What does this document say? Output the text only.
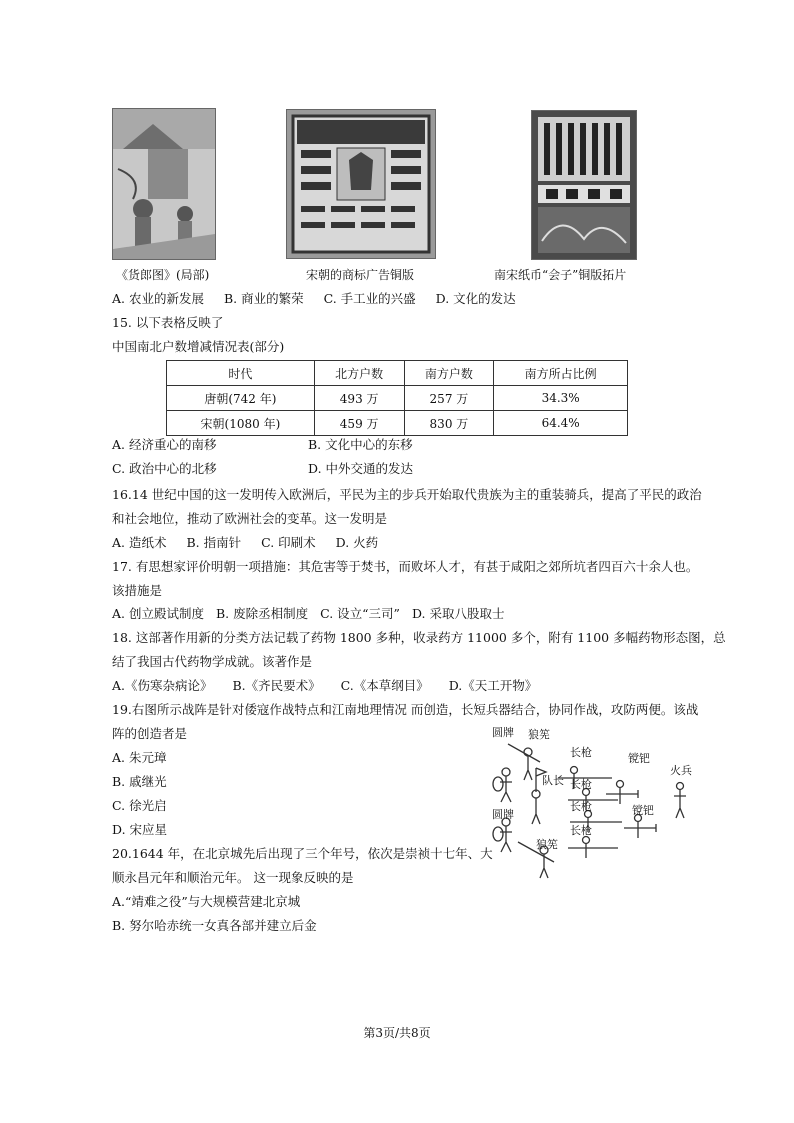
《货郎图》(局部)	宋朝的商标广告铜版	南宋纸币“会子”铜版拓片
A. 农业的新发展 B. 商业的繁荣 C. 手工业的兴盛 D. 文化的发达
15. 以下表格反映了
中国南北户数增减情况表(部分)
时代	北方户数	南方户数	南方所占比例
唐朝(742 年)	493 万	257 万	34.3%
宋朝(1080 年)	459 万	830 万	64.4%
A. 经济重心的南移	B. 文化中心的东移
C. 政治中心的北移	D. 中外交通的发达
16.14 世纪中国的这一发明传入欧洲后，平民为主的步兵开始取代贵族为主的重装骑兵，提高了平民的政治
和社会地位，推动了欧洲社会的变革。这一发明是
A. 造纸术 B. 指南针 C. 印刷术 D. 火药
17. 有思想家评价明朝一项措施：其危害等于焚书，而败坏人才，有甚于咸阳之郊所坑者四百六十余人也。
该措施是
A. 创立殿试制度 B. 废除丞相制度 C. 设立“三司” D. 采取八股取士
18. 这部著作用新的分类方法记载了药物 1800 多种，收录药方 11000 多个，附有 1100 多幅药物形态图，总
结了我国古代药物学成就。该著作是
A.《伤寒杂病论》 B.《齐民要术》 C.《本草纲目》 D.《天工开物》
19.右图所示战阵是针对倭寇作战特点和江南地理情况 而创造，长短兵器结合，协同作战，攻防两便。该战
阵的创造者是
A. 朱元璋
B. 戚继光
C. 徐光启
D. 宋应星
圆牌
圆牌
狼筅
狼筅
队长
长枪
长枪
长枪
长枪
镋钯
镋钯
火兵
20.1644 年，在北京城先后出现了三个年号，依次是崇祯十七年、大
顺永昌元年和顺治元年。 这一现象反映的是
A.“靖难之役”与大规模营建北京城
B. 努尔哈赤统一女真各部并建立后金
第3页/共8页
